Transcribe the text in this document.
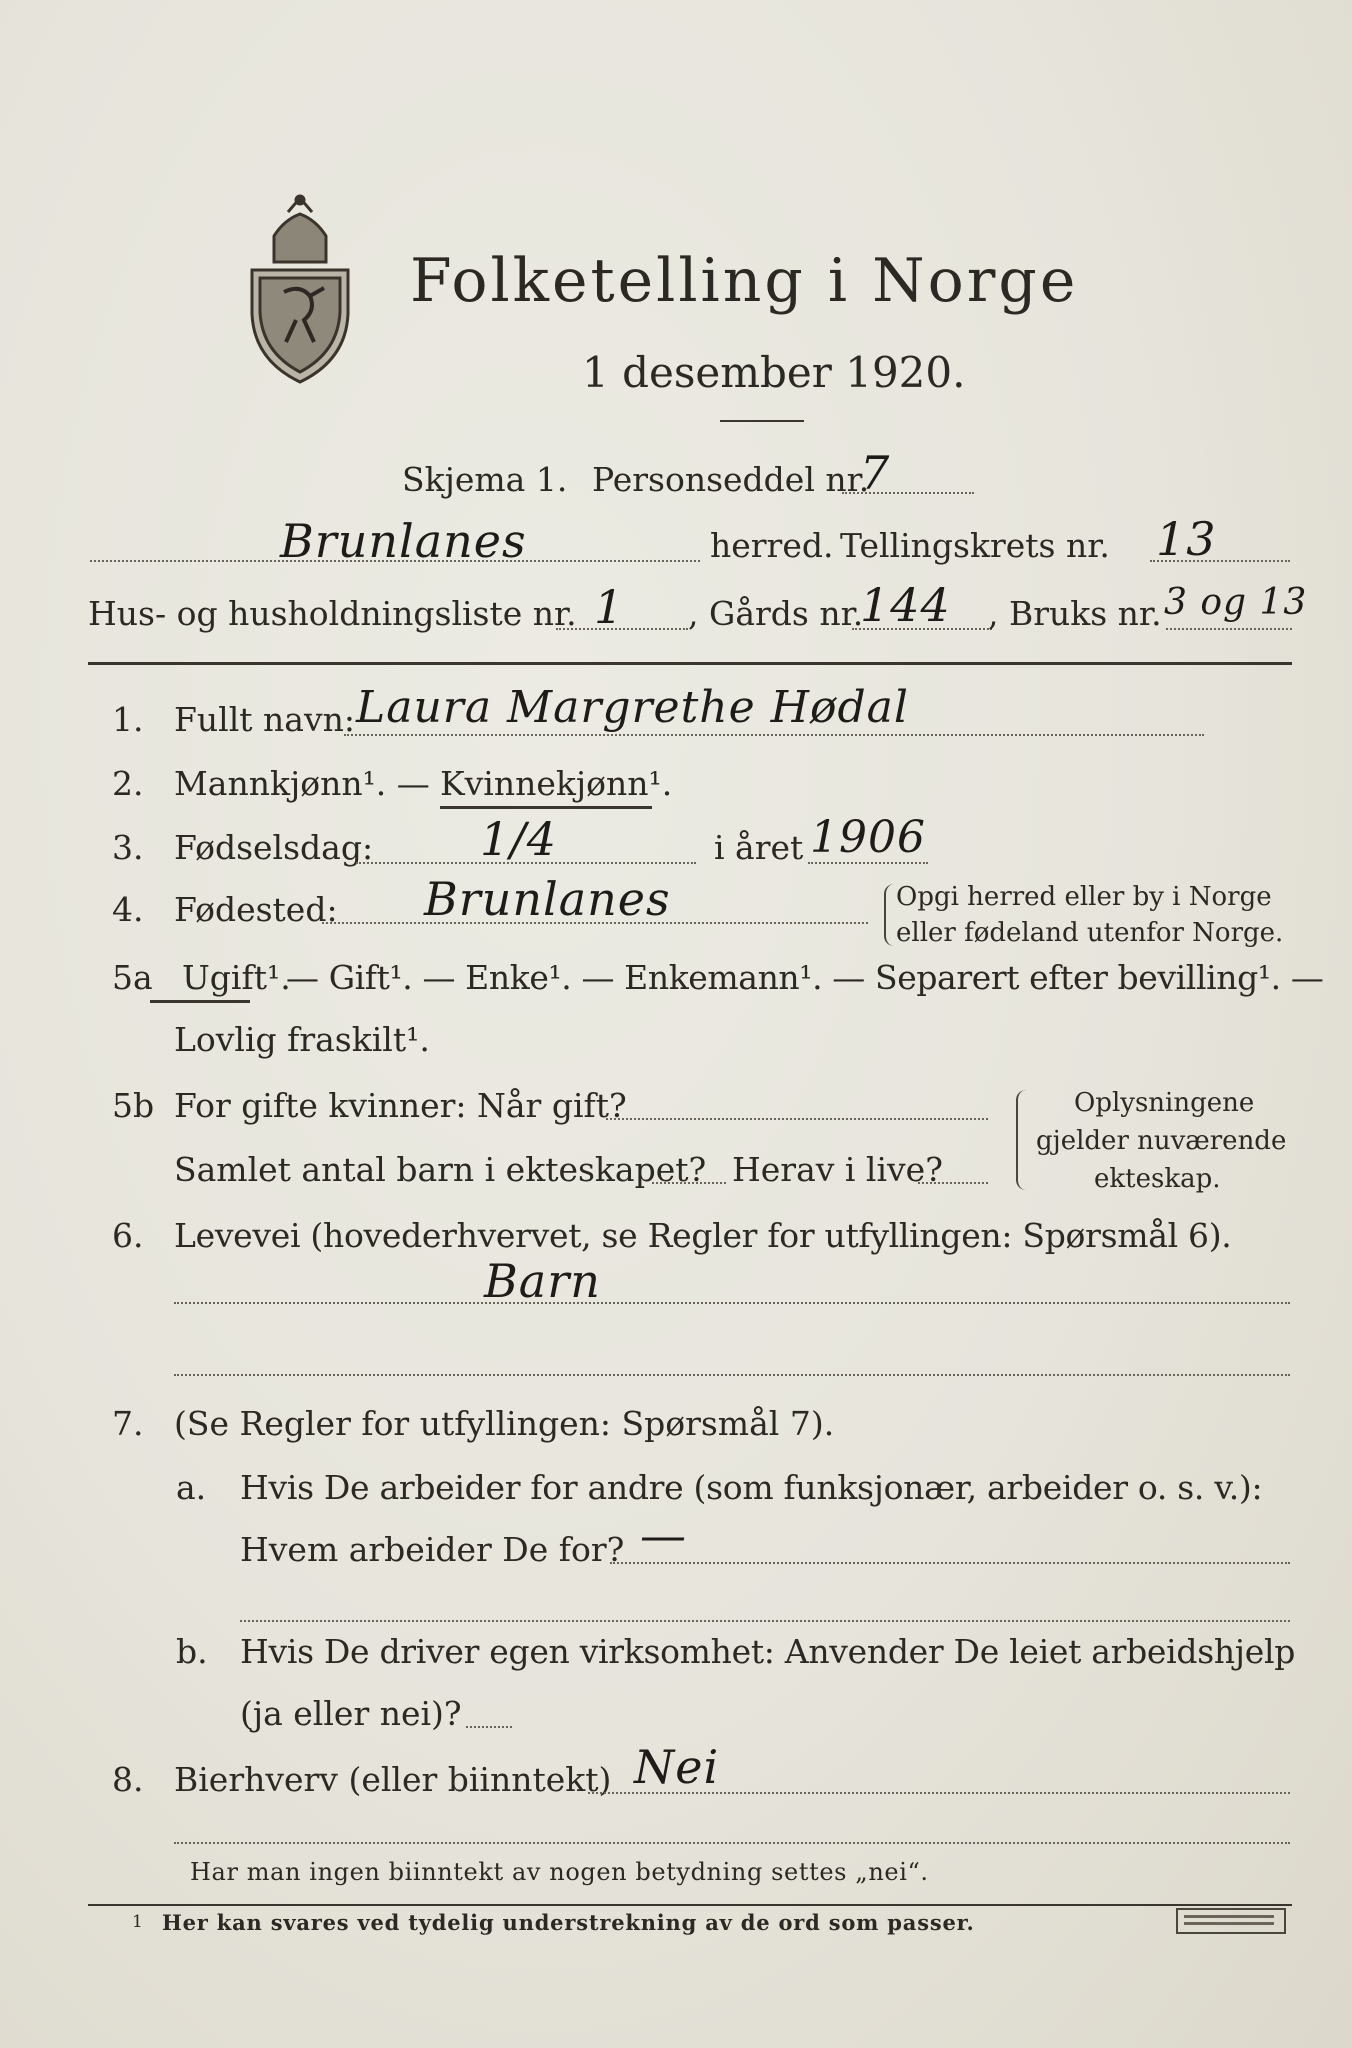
Folketelling i Norge
1 desember 1920.
Skjema 1. Personseddel nr.
7
Brunlanes	herred. Tellingskrets nr. 13
Hus- og husholdningsliste nr. 1 , Gårds nr.
144 , Bruks nr. 3 og 13
1. Fullt navn: Laura Margrethe Hødal
2. Mannkjønn¹. — Kvinnekjønn¹.
3. Fødselsdag: 1/4	i året 1906
4. Fødested: Brunlanes	Opgi herred eller by i Norge
eller fødeland utenfor Norge.
5a Ugift¹.
— Gift¹. — Enke¹. — Enkemann¹. — Separert efter bevilling¹. —
Lovlig fraskilt¹.
5b For gifte kvinner: Når gift?
Samlet antal barn i ekteskapet? Herav i live?
Oplysningene
gjelder nuværende
ekteskap.
6. Levevei (hovederhvervet, se Regler for utfyllingen: Spørsmål 6).
Barn
7. (Se Regler for utfyllingen: Spørsmål 7).
a. Hvis De arbeider for andre (som funksjonær, arbeider o. s. v.):
Hvem arbeider De for? —
b. Hvis De driver egen virksomhet: Anvender De leiet arbeidshjelp
(ja eller nei)?
8. Bierhverv (eller biinntekt) Nei
Har man ingen biinntekt av nogen betydning settes „nei“.
1 Her kan svares ved tydelig understrekning av de ord som passer.
